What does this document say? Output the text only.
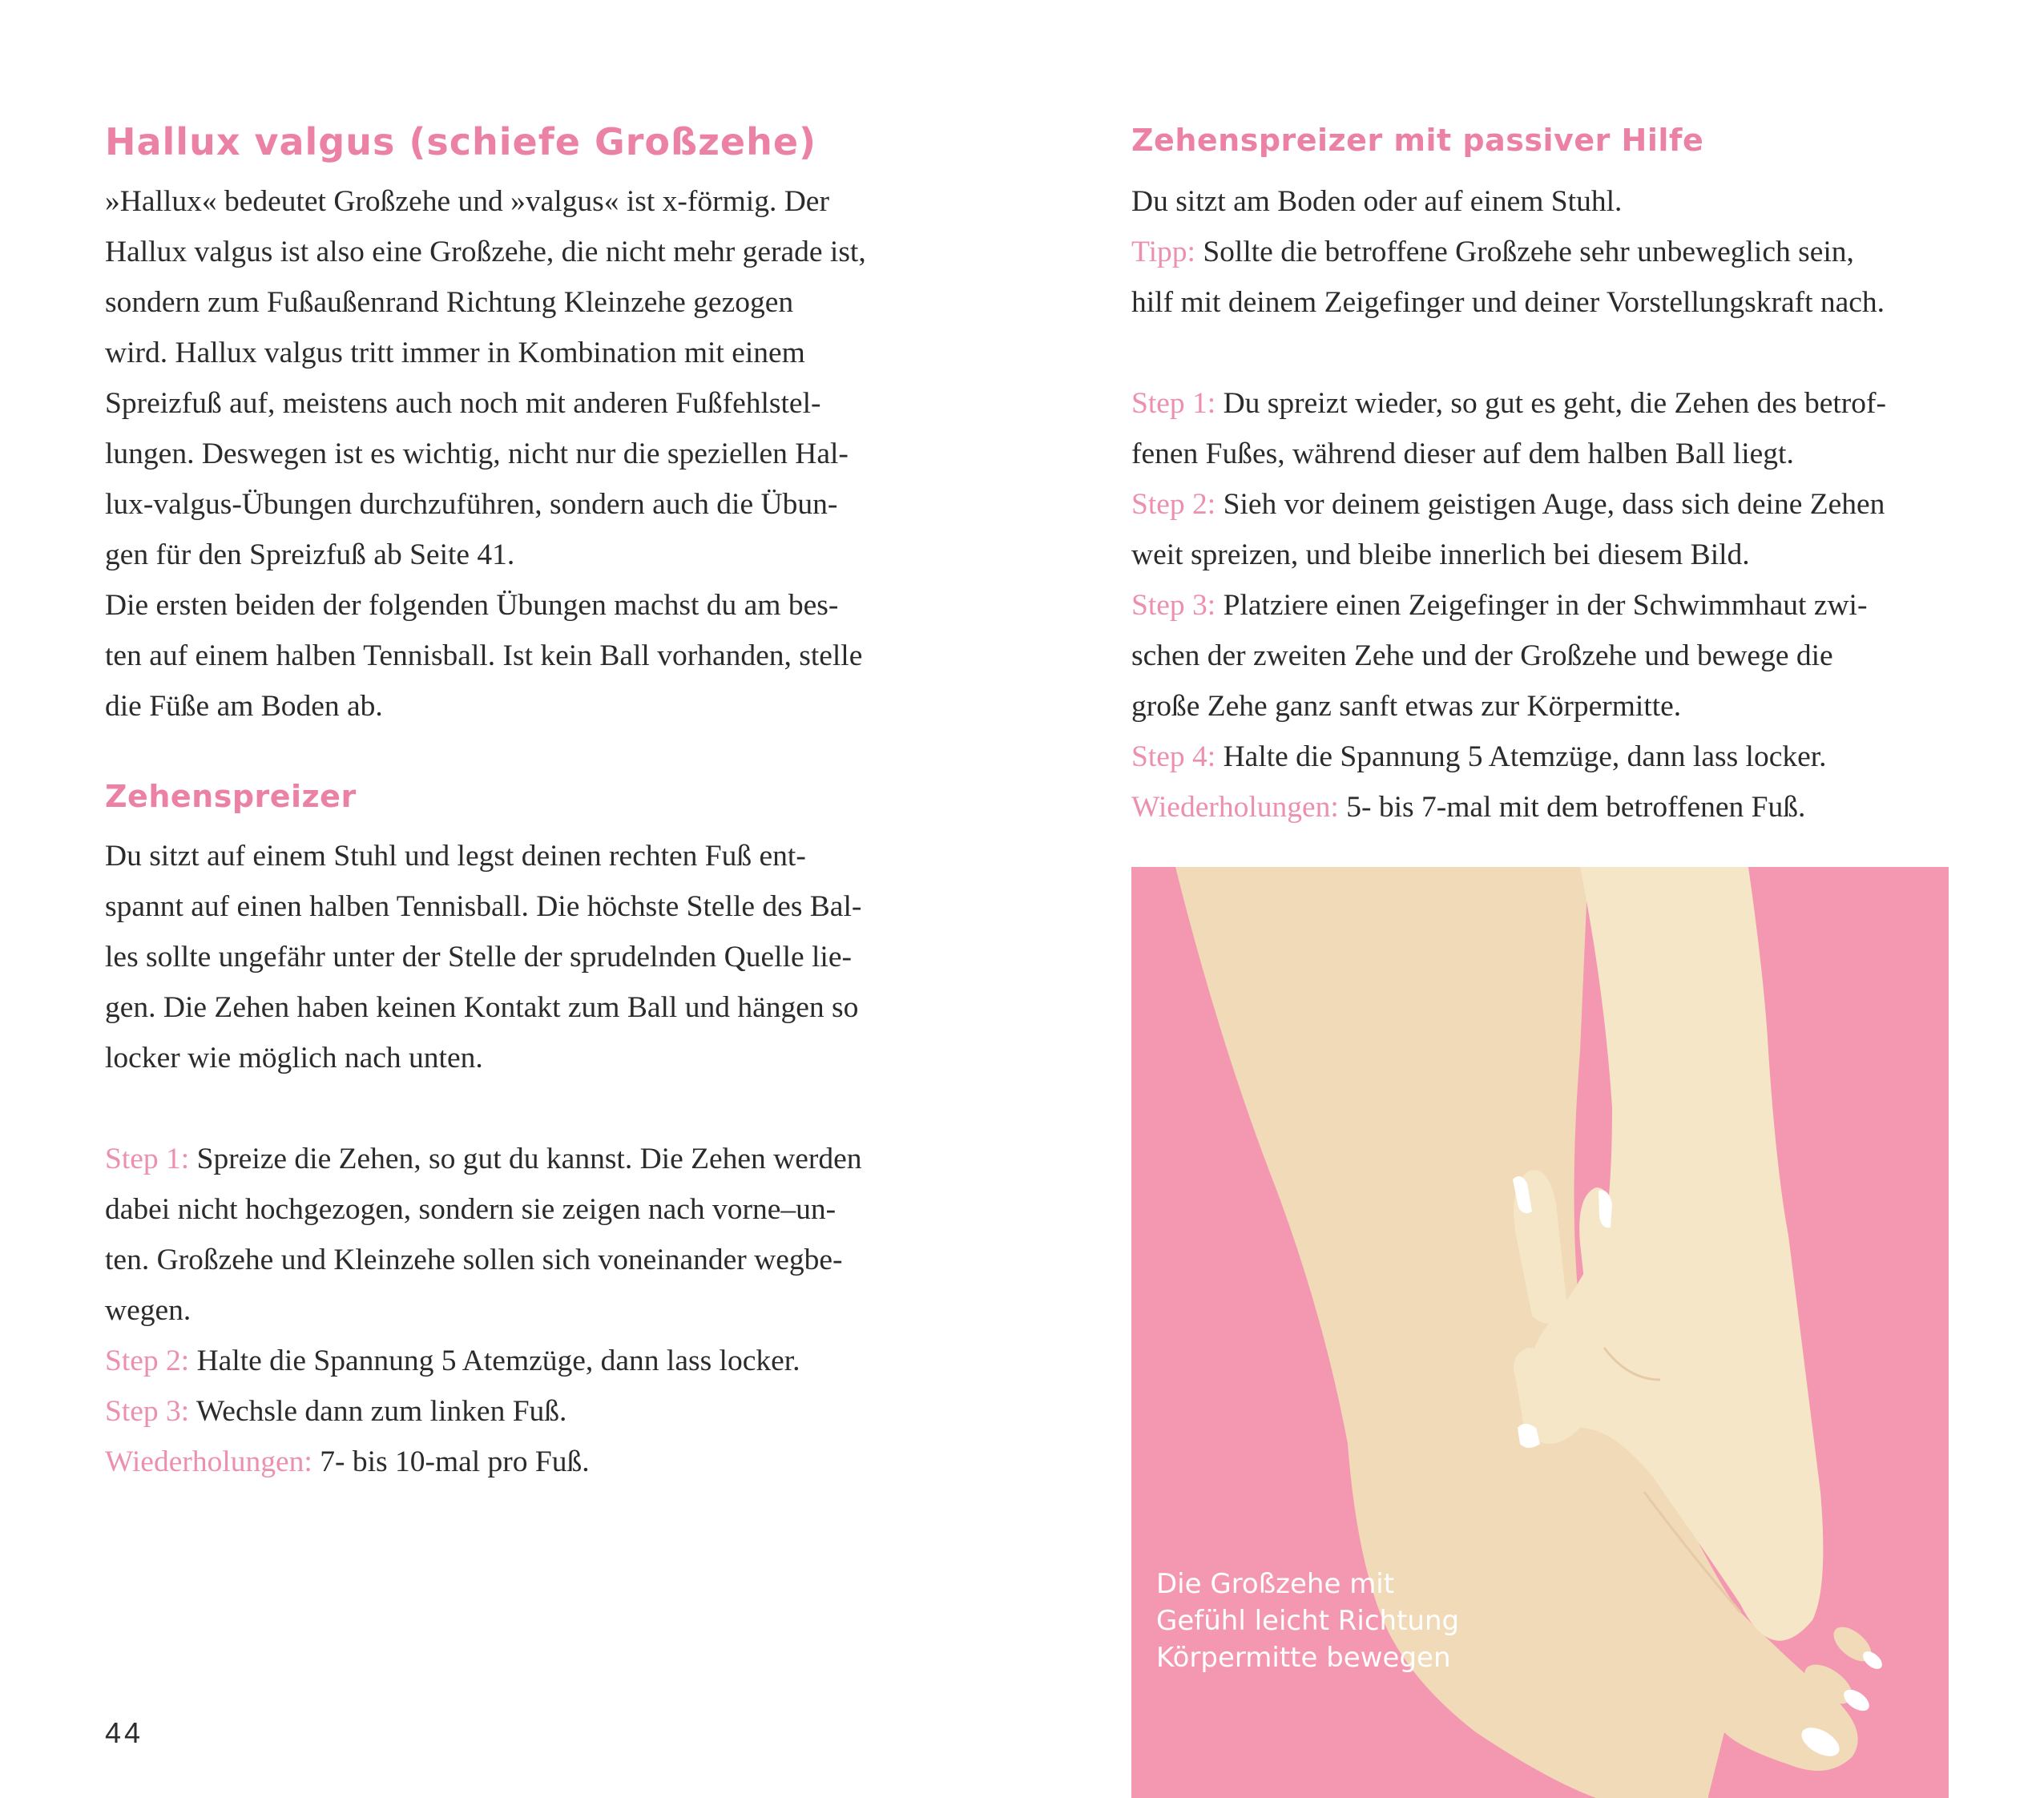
Hallux valgus (schiefe Großzehe)

»Hallux« bedeutet Großzehe und »valgus« ist x-förmig. Der

Hallux valgus ist also eine Großzehe, die nicht mehr gerade ist,

sondern zum Fußaußenrand Richtung Kleinzehe gezogen

wird. Hallux valgus tritt immer in Kombination mit einem

Spreizfuß auf, meistens auch noch mit anderen Fußfehlstel-

lungen. Deswegen ist es wichtig, nicht nur die speziellen Hal-

lux-valgus-Übungen durchzuführen, sondern auch die Übun-

gen für den Spreizfuß ab Seite 41.

Die ersten beiden der folgenden Übungen machst du am bes-

ten auf einem halben Tennisball. Ist kein Ball vorhanden, stelle

die Füße am Boden ab.

Zehenspreizer

Du sitzt auf einem Stuhl und legst deinen rechten Fuß ent-

spannt auf einen halben Tennisball. Die höchste Stelle des Bal-

les sollte ungefähr unter der Stelle der sprudelnden Quelle lie-

gen. Die Zehen haben keinen Kontakt zum Ball und hängen so

locker wie möglich nach unten.

Step 1: Spreize die Zehen, so gut du kannst. Die Zehen werden

dabei nicht hochgezogen, sondern sie zeigen nach vorne–un-

ten. Großzehe und Kleinzehe sollen sich voneinander wegbe-

wegen.

Step 2: Halte die Spannung 5 Atemzüge, dann lass locker.

Step 3: Wechsle dann zum linken Fuß.

Wiederholungen: 7- bis 10-mal pro Fuß.

Zehenspreizer mit passiver Hilfe

Du sitzt am Boden oder auf einem Stuhl.

Tipp: Sollte die betroffene Großzehe sehr unbeweglich sein,

hilf mit deinem Zeigefinger und deiner Vorstellungskraft nach.

Step 1: Du spreizt wieder, so gut es geht, die Zehen des betrof-

fenen Fußes, während dieser auf dem halben Ball liegt.

Step 2: Sieh vor deinem geistigen Auge, dass sich deine Zehen

weit spreizen, und bleibe innerlich bei diesem Bild.

Step 3: Platziere einen Zeigefinger in der Schwimmhaut zwi-

schen der zweiten Zehe und der Großzehe und bewege die

große Zehe ganz sanft etwas zur Körpermitte.

Step 4: Halte die Spannung 5 Atemzüge, dann lass locker.

Wiederholungen: 5- bis 7-mal mit dem betroffenen Fuß.

Die Großzehe mit
Gefühl leicht Richtung
Körpermitte bewegen
44
